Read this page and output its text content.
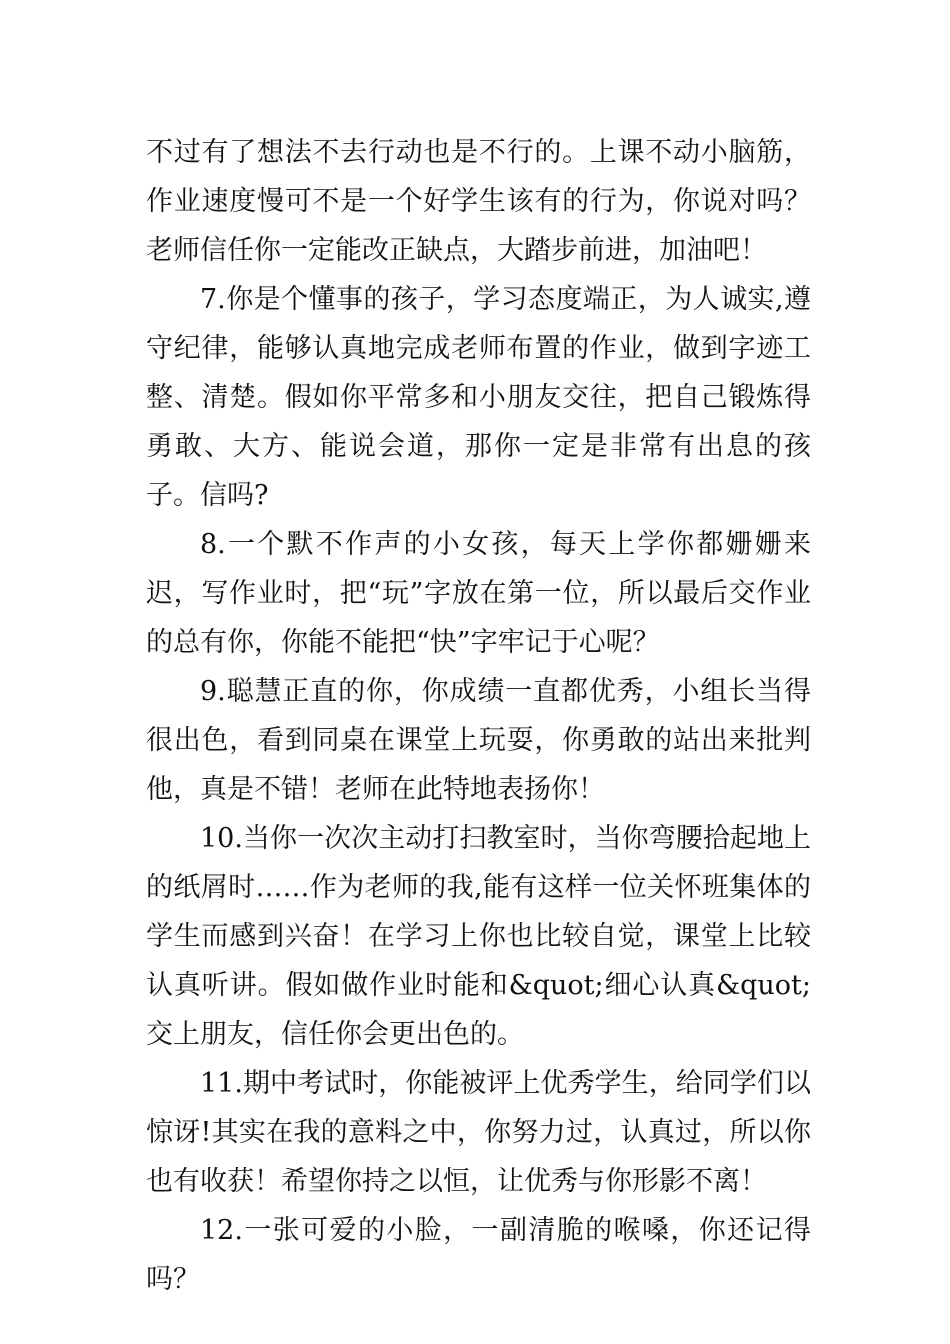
不过有了想法不去行动也是不行的。上课不动小脑筋，作业速度慢可不是一个好学生该有的行为，你说对吗？老师信任你一定能改正缺点，大踏步前进，加油吧！

7.你是个懂事的孩子，学习态度端正，为人诚实,遵守纪律，能够认真地完成老师布置的作业，做到字迹工整、清楚。假如你平常多和小朋友交往，把自己锻炼得勇敢、大方、能说会道，那你一定是非常有出息的孩子。信吗?

8.一个默不作声的小女孩，每天上学你都姗姗来迟，写作业时，把“玩”字放在第一位，所以最后交作业的总有你，你能不能把“快”字牢记于心呢？

9.聪慧正直的你，你成绩一直都优秀，小组长当得很出色，看到同桌在课堂上玩耍，你勇敢的站出来批判他，真是不错！老师在此特地表扬你！

10.当你一次次主动打扫教室时，当你弯腰拾起地上的纸屑时……作为老师的我,能有这样一位关怀班集体的学生而感到兴奋！在学习上你也比较自觉，课堂上比较认真听讲。假如做作业时能和&quot;细心认真&quot;交上朋友，信任你会更出色的。

11.期中考试时，你能被评上优秀学生，给同学们以惊讶!其实在我的意料之中，你努力过，认真过，所以你也有收获！希望你持之以恒，让优秀与你形影不离！

12.一张可爱的小脸，一副清脆的喉嗓，你还记得吗？
